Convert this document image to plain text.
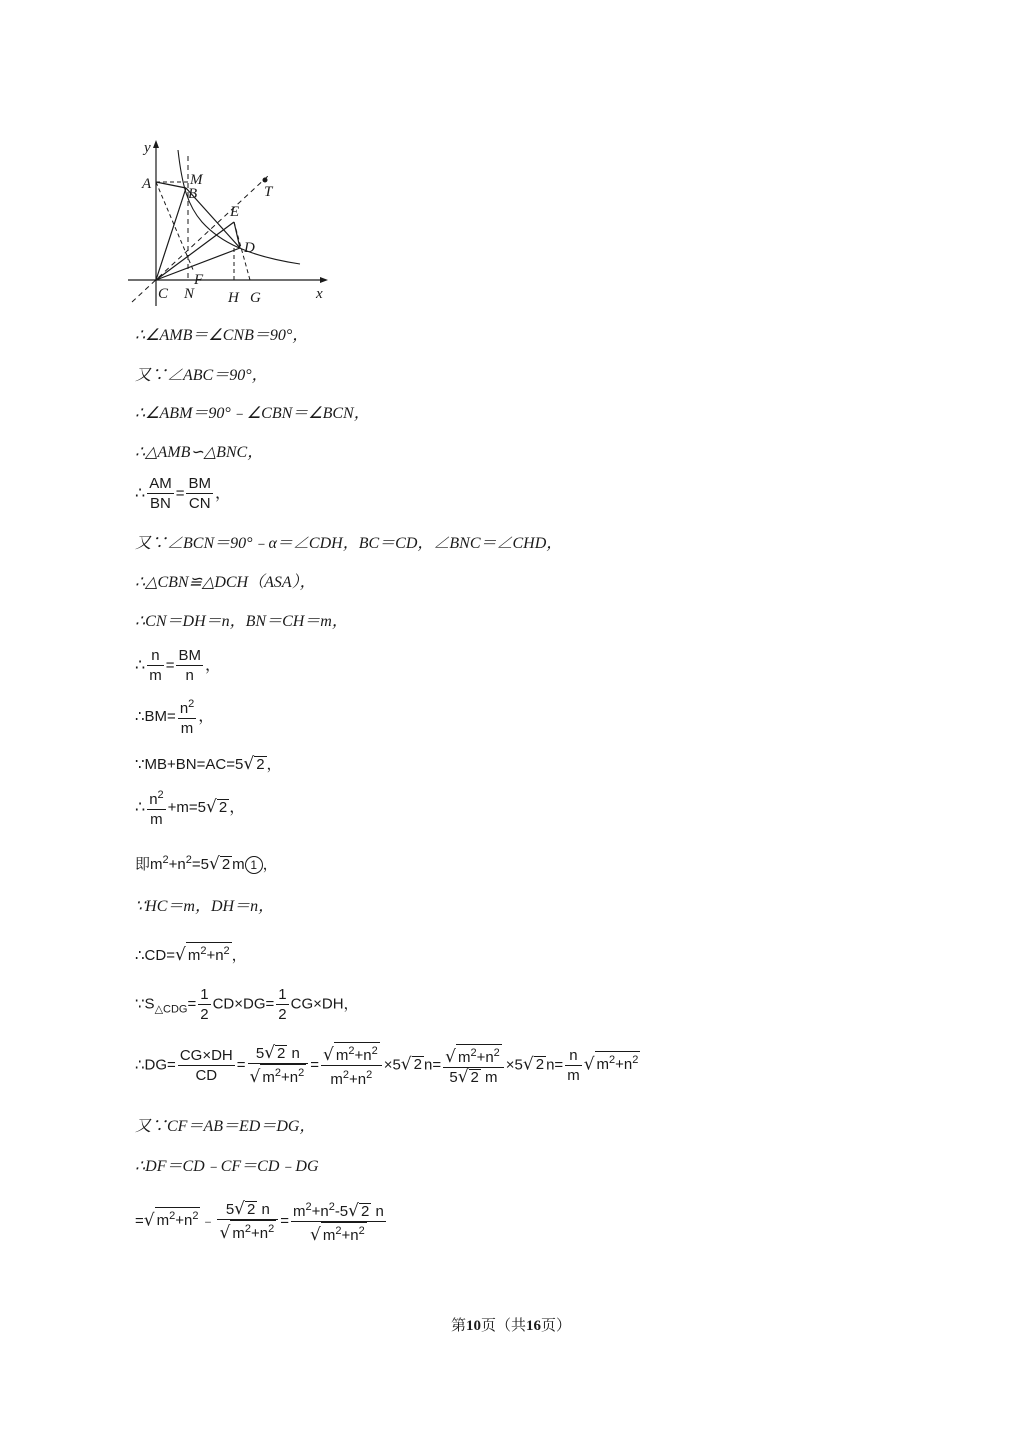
y
x
A	M
B	T
E
D
C
F
N H G
∴∠AMB＝∠CNB＝90°，
又∵∠ABC＝90°，
∴∠ABM＝90°﹣∠CBN＝∠BCN，
∴△AMB∽△BNC，
∴ $\frac{AM}{BN} = \frac{BM}{CN}$ ，
又∵∠BCN＝90°﹣α＝∠CDH，BC＝CD，∠BNC＝∠CHD，
∴△CBN≌△DCH（ASA），
∴CN＝DH＝n，BN＝CH＝m，
∴ $\frac{n}{m} = \frac{BM}{n}$ ，
∴BM= $\frac{n^2}{m}$ ，
∵MB+BN=AC=5√ 2 ，
∴ $\frac{n^2}{m} +m=5√$ 2 ，
即$m^2+n^2=5√$ 2 m 1 ，
∵HC＝m，DH＝n，
∴CD=√ $m^2+n^2$ ，
$\because S_{\triangle CDG}= \frac{1}{2} CD\times DG= \frac{1}{2} CG\times DH$，
∴DG= $\frac{CG\times DH}{CD} = \frac{5√ 2 n}{√ m^2+n^2} = \frac{√ m^2+n^2}{m^2+n^2} \times 5√$ 2 $n= \frac{√ m^2+n^2}{5√ 2 m} \times 5√$ 2 $n= \frac{n}{m}$ √ $m^2+n^2$
又∵CF＝AB＝ED＝DG，
∴DF＝CD﹣CF＝CD﹣DG
=√ $m^2+n^2$ ﹣ $\frac{5√ 2 n}{√ m^2+n^2} = \frac{m^2+n^2-5√ 2 n}{√ m^2+n^2}$
第10页（共16页）
